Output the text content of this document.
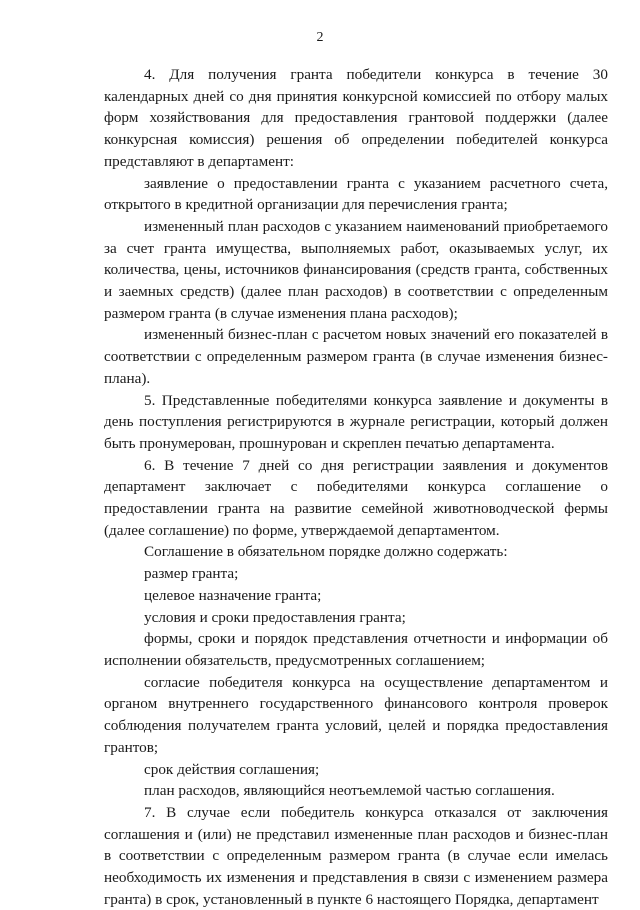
2

4. Для получения гранта победители конкурса в течение 30 календарных дней со дня принятия конкурсной комиссией по отбору малых форм хозяйствования для предоставления грантовой поддержки (далее конкурсная комиссия) решения об определении победителей конкурса представляют в департамент:

заявление о предоставлении гранта с указанием расчетного счета, открытого в кредитной организации для перечисления гранта;

измененный план расходов с указанием наименований приобретаемого за счет гранта имущества, выполняемых работ, оказываемых услуг, их количества, цены, источников финансирования (средств гранта, собственных и заемных средств) (далее план расходов) в соответствии с определенным размером гранта (в случае изменения плана расходов);

измененный бизнес-план с расчетом новых значений его показателей в соответствии с определенным размером гранта (в случае изменения бизнес-плана).

5. Представленные победителями конкурса заявление и документы в день поступления регистрируются в журнале регистрации, который должен быть пронумерован, прошнурован и скреплен печатью департамента.

6. В течение 7 дней со дня регистрации заявления и документов департамент заключает с победителями конкурса соглашение о предоставлении гранта на развитие семейной животноводческой фермы (далее соглашение) по форме, утверждаемой департаментом.

Соглашение в обязательном порядке должно содержать:

размер гранта;

целевое назначение гранта;

условия и сроки предоставления гранта;

формы, сроки и порядок представления отчетности и информации об исполнении обязательств, предусмотренных соглашением;

согласие победителя конкурса на осуществление департаментом и органом внутреннего государственного финансового контроля проверок соблюдения получателем гранта условий, целей и порядка предоставления грантов;

срок действия соглашения;

план расходов, являющийся неотъемлемой частью соглашения.

7. В случае если победитель конкурса отказался от заключения соглашения и (или) не представил измененные план расходов и бизнес-план в соответствии с определенным размером гранта (в случае если имелась необходимость их изменения и представления в связи с изменением размера гранта) в срок, установленный в пункте 6 настоящего Порядка, департамент
